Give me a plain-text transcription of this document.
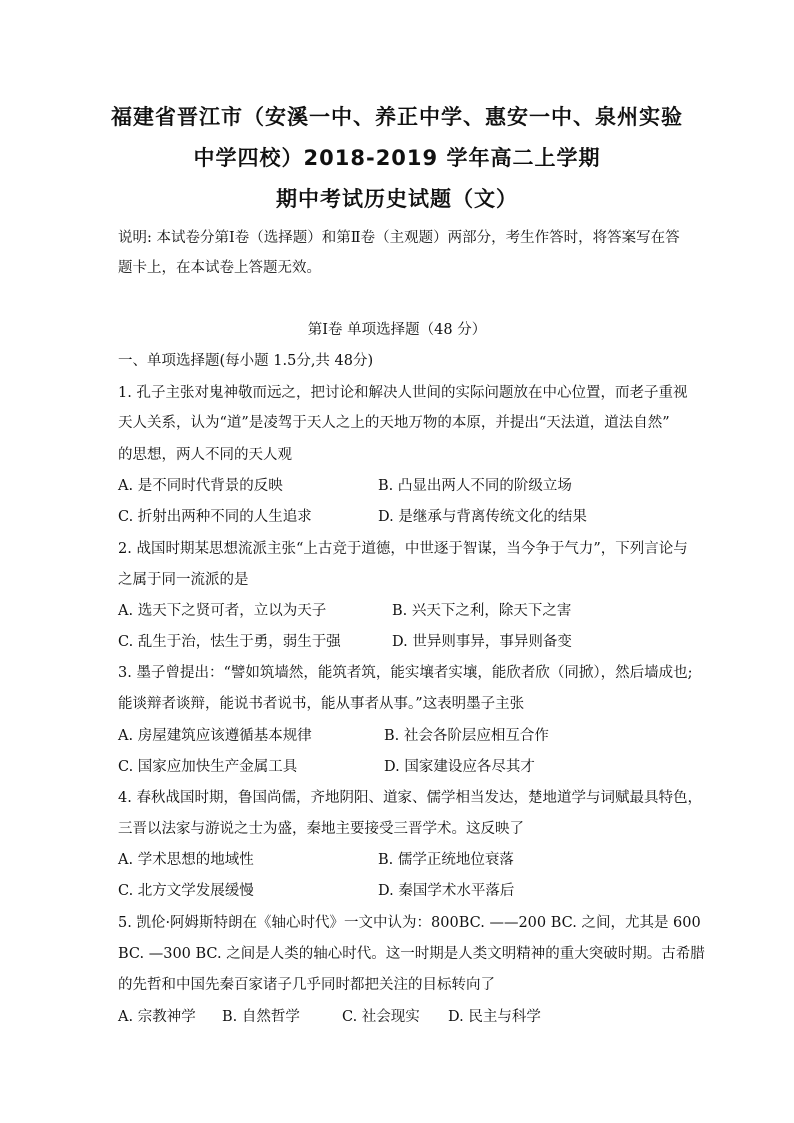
福建省晋江市（安溪一中、养正中学、惠安一中、泉州实验
中学四校）2018-2019 学年高二上学期
期中考试历史试题（文）
说明: 本试卷分第Ⅰ卷（选择题）和第Ⅱ卷（主观题）两部分，考生作答时，将答案写在答
题卡上，在本试卷上答题无效。
第Ⅰ卷 单项选择题（48 分）
一、单项选择题(每小题 1.5分,共 48分)
1. 孔子主张对鬼神敬而远之，把讨论和解决人世间的实际问题放在中心位置，而老子重视
天人关系，认为“道”是凌驾于天人之上的天地万物的本原，并提出“天法道，道法自然”
的思想，两人不同的天人观
A. 是不同时代背景的反映	B. 凸显出两人不同的阶级立场
C. 折射出两种不同的人生追求	D. 是继承与背离传统文化的结果
2. 战国时期某思想流派主张“上古竞于道德，中世逐于智谋，当今争于气力”，下列言论与
之属于同一流派的是
A. 选天下之贤可者，立以为天子	B. 兴天下之利，除天下之害
C. 乱生于治，怯生于勇，弱生于强	D. 世异则事异，事异则备变
3. 墨子曾提出：“譬如筑墙然，能筑者筑，能实壤者实壤，能欣者欣（同掀），然后墙成也;
能谈辩者谈辩，能说书者说书，能从事者从事。”这表明墨子主张
A. 房屋建筑应该遵循基本规律	B. 社会各阶层应相互合作
C. 国家应加快生产金属工具	D. 国家建设应各尽其才
4. 春秋战国时期，鲁国尚儒，齐地阴阳、道家、儒学相当发达，楚地道学与词赋最具特色，
三晋以法家与游说之士为盛，秦地主要接受三晋学术。这反映了
A. 学术思想的地域性	B. 儒学正统地位衰落
C. 北方文学发展缓慢	D. 秦国学术水平落后
5. 凯伦·阿姆斯特朗在《轴心时代》一文中认为：800BC. ——200 BC. 之间，尤其是 600
BC. —300 BC. 之间是人类的轴心时代。这一时期是人类文明精神的重大突破时期。古希腊
的先哲和中国先秦百家诸子几乎同时都把关注的目标转向了
A. 宗教神学 B. 自然哲学	C. 社会现实 D. 民主与科学
